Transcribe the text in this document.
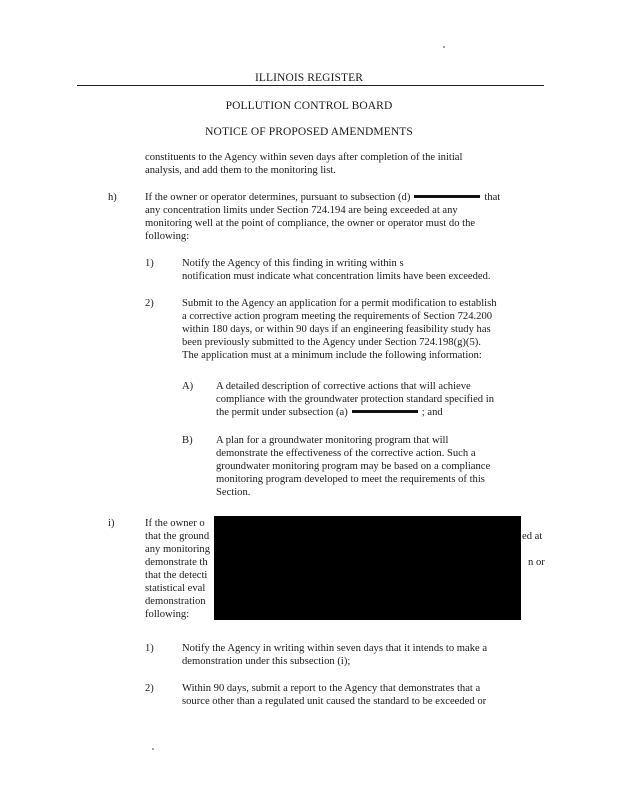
ILLINOIS REGISTER
POLLUTION CONTROL BOARD
NOTICE OF PROPOSED AMENDMENTS
constituents to the Agency within seven days after completion of the initial
analysis, and add them to the monitoring list.
h)	If the owner or operator determines, pursuant to subsection (d)	that
any concentration limits under Section 724.194 are being exceeded at any
monitoring well at the point of compliance, the owner or operator must do the
following:
1)	Notify the Agency of this finding in writing within s
notification must indicate what concentration limits have been exceeded.
2)	Submit to the Agency an application for a permit modification to establish
a corrective action program meeting the requirements of Section 724.200
within 180 days, or within 90 days if an engineering feasibility study has
been previously submitted to the Agency under Section 724.198(g)(5).
The application must at a minimum include the following information:
A) A detailed description of corrective actions that will achieve
compliance with the groundwater protection standard specified in
the permit under subsection (a)	; and
B) A plan for a groundwater monitoring program that will
demonstrate the effectiveness of the corrective action. Such a
groundwater monitoring program may be based on a compliance
monitoring program developed to meet the requirements of this
Section.
i)	If the owner o
that the ground
any monitoring
demonstrate th
that the detecti
statistical eval
demonstration
following:
ed at
n or
1)	Notify the Agency in writing within seven days that it intends to make a
demonstration under this subsection (i);
2)	Within 90 days, submit a report to the Agency that demonstrates that a
source other than a regulated unit caused the standard to be exceeded or
